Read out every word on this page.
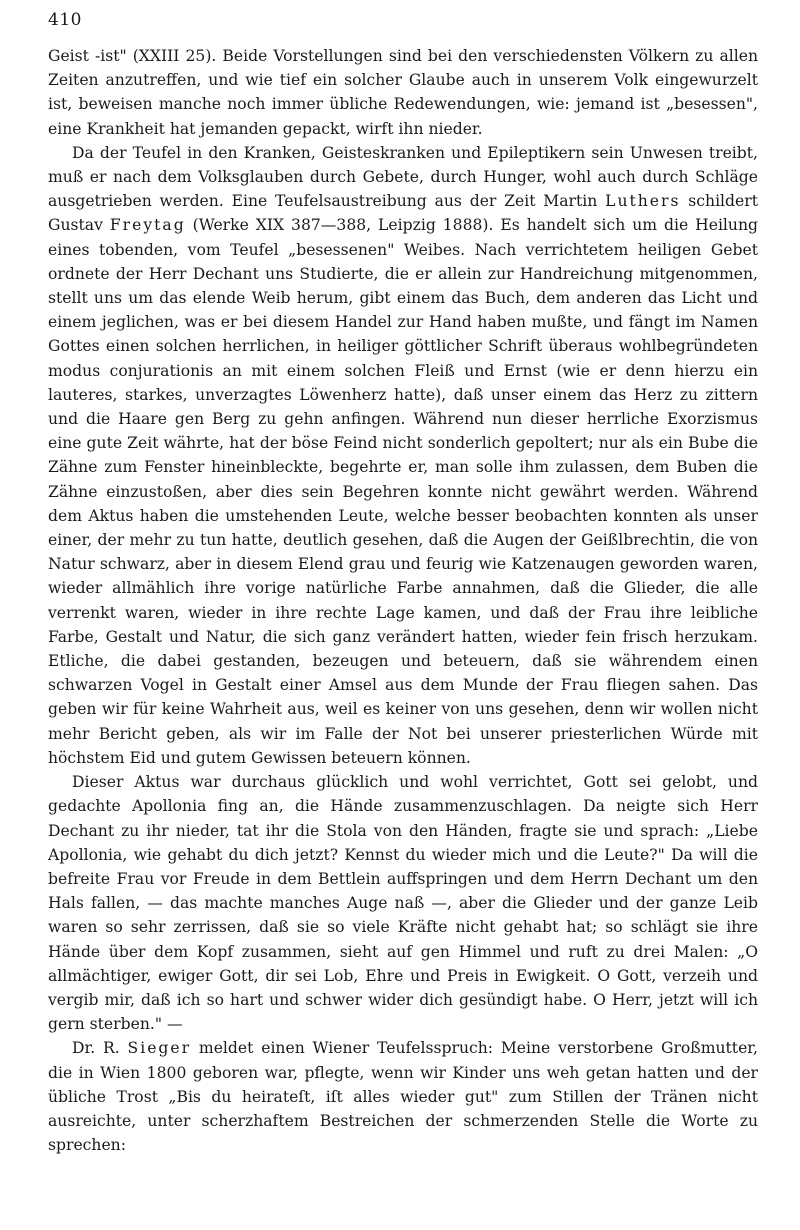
410

Geist -ist" (XXIII 25). Beide Vorstellungen sind bei den verschiedensten Völkern zu allen Zeiten anzutreffen, und wie tief ein solcher Glaube auch in unserem Volk eingewurzelt ist, beweisen manche noch immer übliche Redewendungen, wie: jemand ist „besessen", eine Krankheit hat jemanden gepackt, wirft ihn nieder.

Da der Teufel in den Kranken, Geisteskranken und Epileptikern sein Unwesen treibt, muß er nach dem Volksglauben durch Gebete, durch Hunger, wohl auch durch Schläge ausgetrieben werden. Eine Teufelsaustreibung aus der Zeit Martin Luthers schildert Gustav Freytag (Werke XIX 387—388, Leipzig 1888). Es handelt sich um die Heilung eines tobenden, vom Teufel „besessenen" Weibes. Nach verrichtetem heiligen Gebet ordnete der Herr Dechant uns Studierte, die er allein zur Handreichung mitgenommen, stellt uns um das elende Weib herum, gibt einem das Buch, dem anderen das Licht und einem jeglichen, was er bei diesem Handel zur Hand haben mußte, und fängt im Namen Gottes einen solchen herrlichen, in heiliger göttlicher Schrift überaus wohlbegründeten modus conjurationis an mit einem solchen Fleiß und Ernst (wie er denn hierzu ein lauteres, starkes, unverzagtes Löwenherz hatte), daß unser einem das Herz zu zittern und die Haare gen Berg zu gehn anfingen. Während nun dieser herrliche Exorzismus eine gute Zeit währte, hat der böse Feind nicht sonderlich gepoltert; nur als ein Bube die Zähne zum Fenster hineinbleckte, begehrte er, man solle ihm zulassen, dem Buben die Zähne einzustoßen, aber dies sein Begehren konnte nicht gewährt werden. Während dem Aktus haben die umstehenden Leute, welche besser beobachten konnten als unser einer, der mehr zu tun hatte, deutlich gesehen, daß die Augen der Geißlbrechtin, die von Natur schwarz, aber in diesem Elend grau und feurig wie Katzenaugen geworden waren, wieder allmählich ihre vorige natürliche Farbe annahmen, daß die Glieder, die alle verrenkt waren, wieder in ihre rechte Lage kamen, und daß der Frau ihre leibliche Farbe, Gestalt und Natur, die sich ganz verändert hatten, wieder fein frisch herzukam. Etliche, die dabei gestanden, bezeugen und beteuern, daß sie währendem einen schwarzen Vogel in Gestalt einer Amsel aus dem Munde der Frau fliegen sahen. Das geben wir für keine Wahrheit aus, weil es keiner von uns gesehen, denn wir wollen nicht mehr Bericht geben, als wir im Falle der Not bei unserer priesterlichen Würde mit höchstem Eid und gutem Gewissen beteuern können.

Dieser Aktus war durchaus glücklich und wohl verrichtet, Gott sei gelobt, und gedachte Apollonia fing an, die Hände zusammenzuschlagen. Da neigte sich Herr Dechant zu ihr nieder, tat ihr die Stola von den Händen, fragte sie und sprach: „Liebe Apollonia, wie gehabt du dich jetzt? Kennst du wieder mich und die Leute?" Da will die befreite Frau vor Freude in dem Bettlein auffspringen und dem Herrn Dechant um den Hals fallen, — das machte manches Auge naß —, aber die Glieder und der ganze Leib waren so sehr zerrissen, daß sie so viele Kräfte nicht gehabt hat; so schlägt sie ihre Hände über dem Kopf zusammen, sieht auf gen Himmel und ruft zu drei Malen: „O allmächtiger, ewiger Gott, dir sei Lob, Ehre und Preis in Ewigkeit. O Gott, verzeih und vergib mir, daß ich so hart und schwer wider dich gesündigt habe. O Herr, jetzt will ich gern sterben." —

Dr. R. Sieger meldet einen Wiener Teufelsspruch: Meine verstorbene Großmutter, die in Wien 1800 geboren war, pflegte, wenn wir Kinder uns weh getan hatten und der übliche Trost „Bis du heirateſt, iſt alles wieder gut" zum Stillen der Tränen nicht ausreichte, unter scherzhaftem Bestreichen der schmerzenden Stelle die Worte zu sprechen:
